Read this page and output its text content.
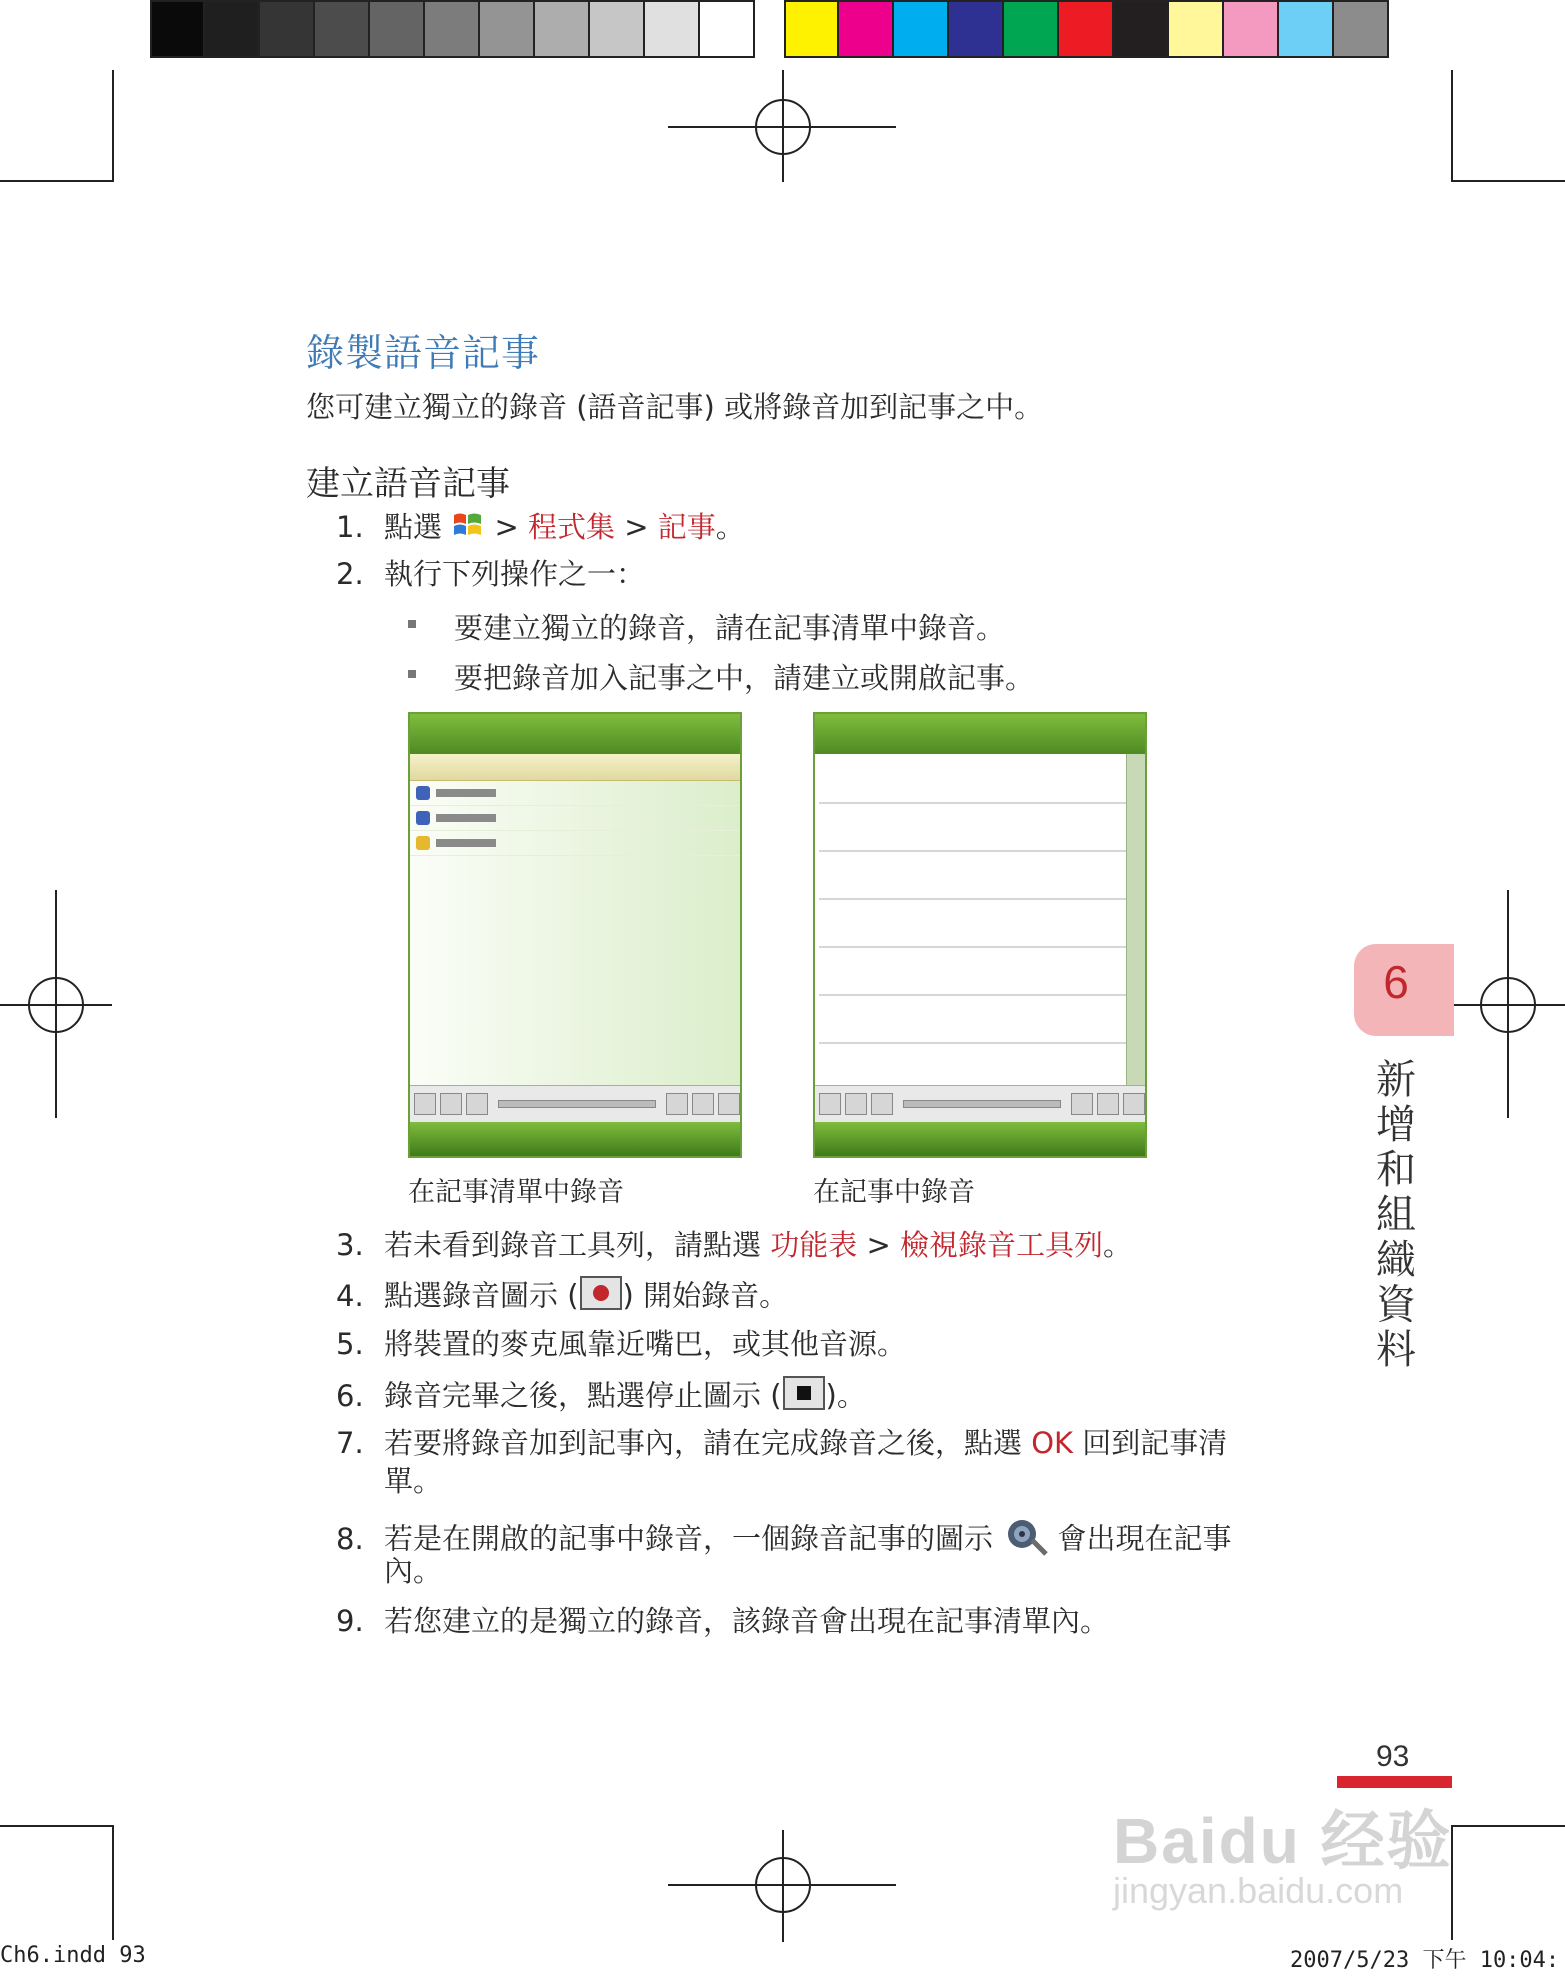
錄製語音記事
您可建立獨立的錄音 (語音記事) 或將錄音加到記事之中。
建立語音記事
1. 點選 > 程式集 > 記事。
2. 執行下列操作之一：
要建立獨立的錄音，請在記事清單中錄音。
要把錄音加入記事之中，請建立或開啟記事。
在記事清單中錄音	在記事中錄音
3. 若未看到錄音工具列，請點選 功能表 > 檢視錄音工具列。
4. 點選錄音圖示 ( ) 開始錄音。
5. 將裝置的麥克風靠近嘴巴，或其他音源。
6. 錄音完畢之後，點選停止圖示 ( )。
7. 若要將錄音加到記事內，請在完成錄音之後，點選 OK 回到記事清
單。
8. 若是在開啟的記事中錄音，一個錄音記事的圖示 會出現在記事
內。
9. 若您建立的是獨立的錄音，該錄音會出現在記事清單內。
6
新增和組織資料
93
Baidu 经验
jingyan.baidu.com
Ch6.indd 93	2007/5/23 下午 10:04:
